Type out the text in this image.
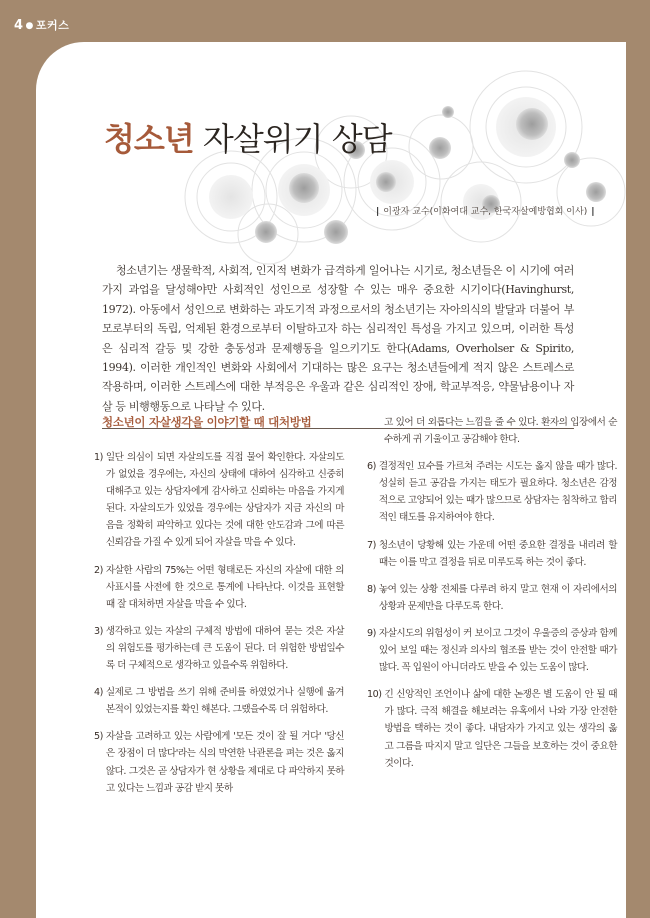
4 ● 포커스
청소년 자살위기 상담
| 이광자 교수(이화여대 교수, 한국자살예방협회 이사) |

청소년기는 생물학적, 사회적, 인지적 변화가 급격하게 일어나는 시기로, 청소년들은 이 시기에 여러 가지 과업을 달성해야만 사회적인 성인으로 성장할 수 있는 매우 중요한 시기이다(Havinghurst, 1972). 아동에서 성인으로 변화하는 과도기적 과정으로서의 청소년기는 자아의식의 발달과 더불어 부모로부터의 독립, 억제된 환경으로부터 이탈하고자 하는 심리적인 특성을 가지고 있으며, 이러한 특성은 심리적 갈등 및 강한 충동성과 문제행동을 일으키기도 한다(Adams, Overholser & Spirito, 1994). 이러한 개인적인 변화와 사회에서 기대하는 많은 요구는 청소년들에게 적지 않은 스트레스로 작용하며, 이러한 스트레스에 대한 부적응은 우울과 같은 심리적인 장애, 학교부적응, 약물남용이나 자살 등 비행행동으로 나타날 수 있다.

청소년이 자살생각을 이야기할 때 대처방법
1) 일단 의심이 되면 자살의도를 직접 물어 확인한다. 자살의도가 없었을 경우에는, 자신의 상태에 대하여 심각하고 신중히 대해주고 있는 상담자에게 감사하고 신뢰하는 마음을 가지게 된다. 자살의도가 있었을 경우에는 상담자가 지금 자신의 마음을 정확히 파악하고 있다는 것에 대한 안도감과 그에 따른 신뢰감을 가질 수 있게 되어 자살을 막을 수 있다.
2) 자살한 사람의 75%는 어떤 형태로든 자신의 자살에 대한 의사표시를 사전에 한 것으로 통계에 나타난다. 이것을 표현할 때 잘 대처하면 자살을 막을 수 있다.
3) 생각하고 있는 자살의 구체적 방법에 대하여 묻는 것은 자살의 위험도를 평가하는데 큰 도움이 된다. 더 위험한 방법일수록 더 구체적으로 생각하고 있을수록 위험하다.
4) 실제로 그 방법을 쓰기 위해 준비를 하였었거나 실행에 옮겨 본적이 있었는지를 확인 해본다. 그랬을수록 더 위험하다.
5) 자살을 고려하고 있는 사람에게 '모든 것이 잘 될 거다' '당신은 장점이 더 많다'라는 식의 막연한 낙관론을 펴는 것은 옳지 않다. 그것은 곧 상담자가 현 상황을 제대로 다 파악하지 못하고 있다는 느낌과 공감 받지 못하
고 있어 더 외롭다는 느낌을 줄 수 있다. 환자의 입장에서 순수하게 귀 기울이고 공감해야 한다.
6) 결정적인 묘수를 가르쳐 주려는 시도는 옳지 않을 때가 많다. 성실히 듣고 공감을 가지는 태도가 필요하다. 청소년은 감정적으로 고양되어 있는 때가 많으므로 상담자는 침착하고 합리적인 태도를 유지하여야 한다.
7) 청소년이 당황해 있는 가운데 어떤 중요한 결정을 내리려 할 때는 이를 막고 결정을 뒤로 미루도록 하는 것이 좋다.
8) 놓여 있는 상황 전체를 다루려 하지 말고 현재 이 자리에서의 상황과 문제만을 다루도록 한다.
9) 자살시도의 위험성이 커 보이고 그것이 우울증의 증상과 함께 있어 보일 때는 정신과 의사의 협조를 받는 것이 안전할 때가 많다. 꼭 입원이 아니더라도 받을 수 있는 도움이 많다.
10) 긴 신앙적인 조언이나 삶에 대한 논쟁은 별 도움이 안 될 때가 많다. 극적 해결을 해보려는 유혹에서 나와 가장 안전한 방법을 택하는 것이 좋다. 내담자가 가지고 있는 생각의 옳고 그름을 따지지 말고 일단은 그들을 보호하는 것이 중요한 것이다.
